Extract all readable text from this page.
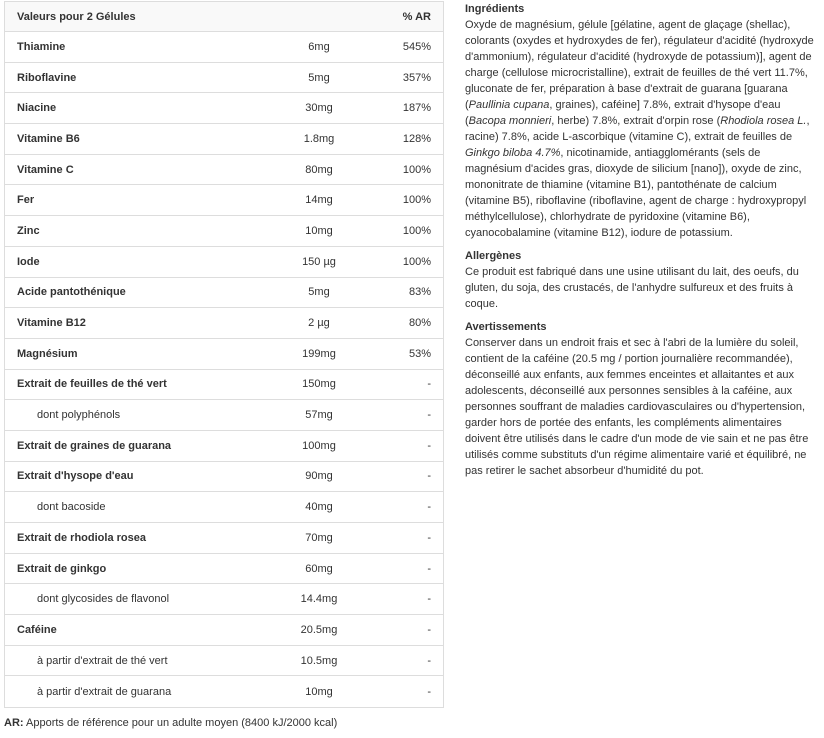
Valeurs pour 2 Gélules	% AR
Thiamine	6mg	545%
Riboflavine	5mg	357%
Niacine	30mg	187%
Vitamine B6	1.8mg	128%
Vitamine C	80mg	100%
Fer	14mg	100%
Zinc	10mg	100%
Iode	150 µg	100%
Acide pantothénique	5mg	83%
Vitamine B12	2 µg	80%
Magnésium	199mg	53%
Extrait de feuilles de thé vert	150mg	-
dont polyphénols	57mg	-
Extrait de graines de guarana	100mg	-
Extrait d'hysope d'eau	90mg	-
dont bacoside	40mg	-
Extrait de rhodiola rosea	70mg	-
Extrait de ginkgo	60mg	-
dont glycosides de flavonol	14.4mg	-
Caféine	20.5mg	-
à partir d'extrait de thé vert	10.5mg	-
à partir d'extrait de guarana	10mg	-
AR: Apports de référence pour un adulte moyen (8400 kJ/2000 kcal)
Ingrédients

Oxyde de magnésium, gélule [gélatine, agent de glaçage (shellac), colorants (oxydes et hydroxydes de fer), régulateur d'acidité (hydroxyde d'ammonium), régulateur d'acidité (hydroxyde de potassium)], agent de charge (cellulose microcristalline), extrait de feuilles de thé vert 11.7%, gluconate de fer, préparation à base d'extrait de guarana [guarana (Paullinia cupana, graines), caféine] 7.8%, extrait d'hysope d'eau (Bacopa monnieri, herbe) 7.8%, extrait d'orpin rose (Rhodiola rosea L., racine) 7.8%, acide L-ascorbique (vitamine C), extrait de feuilles de Ginkgo biloba 4.7%, nicotinamide, antiagglomérants (sels de magnésium d'acides gras, dioxyde de silicium [nano]), oxyde de zinc, mononitrate de thiamine (vitamine B1), pantothénate de calcium (vitamine B5), riboflavine (riboflavine, agent de charge : hydroxypropyl méthylcellulose), chlorhydrate de pyridoxine (vitamine B6), cyanocobalamine (vitamine B12), iodure de potassium.

Allergènes

Ce produit est fabriqué dans une usine utilisant du lait, des oeufs, du gluten, du soja, des crustacés, de l'anhydre sulfureux et des fruits à coque.

Avertissements

Conserver dans un endroit frais et sec à l'abri de la lumière du soleil, contient de la caféine (20.5 mg / portion journalière recommandée), déconseillé aux enfants, aux femmes enceintes et allaitantes et aux adolescents, déconseillé aux personnes sensibles à la caféine, aux personnes souffrant de maladies cardiovasculaires ou d'hypertension, garder hors de portée des enfants, les compléments alimentaires doivent être utilisés dans le cadre d'un mode de vie sain et ne pas être utilisés comme substituts d'un régime alimentaire varié et équilibré, ne pas retirer le sachet absorbeur d'humidité du pot.
